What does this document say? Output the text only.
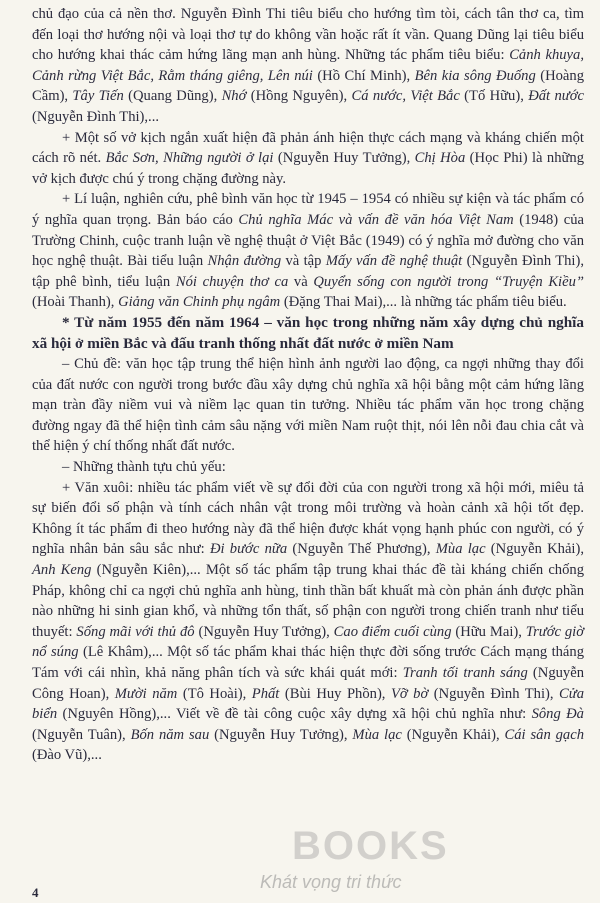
chủ đạo của cả nền thơ. Nguyễn Đình Thi tiêu biểu cho hướng tìm tòi, cách tân thơ ca, tìm đến loại thơ hướng nội và loại thơ tự do không vần hoặc rất ít vần. Quang Dũng lại tiêu biểu cho hướng khai thác cảm hứng lãng mạn anh hùng. Những tác phẩm tiêu biểu: Cảnh khuya, Cảnh rừng Việt Bắc, Rằm tháng giêng, Lên núi (Hồ Chí Minh), Bên kia sông Đuống (Hoàng Cầm), Tây Tiến (Quang Dũng), Nhớ (Hồng Nguyên), Cá nước, Việt Bắc (Tố Hữu), Đất nước (Nguyễn Đình Thi),...

+ Một số vở kịch ngắn xuất hiện đã phản ánh hiện thực cách mạng và kháng chiến một cách rõ nét. Bắc Sơn, Những người ở lại (Nguyễn Huy Tưởng), Chị Hòa (Học Phi) là những vở kịch được chú ý trong chặng đường này.

+ Lí luận, nghiên cứu, phê bình văn học từ 1945 – 1954 có nhiều sự kiện và tác phẩm có ý nghĩa quan trọng. Bản báo cáo Chủ nghĩa Mác và vấn đề văn hóa Việt Nam (1948) của Trường Chinh, cuộc tranh luận về nghệ thuật ở Việt Bắc (1949) có ý nghĩa mở đường cho văn học nghệ thuật. Bài tiểu luận Nhận đường và tập Mấy vấn đề nghệ thuật (Nguyễn Đình Thi), tập phê bình, tiểu luận Nói chuyện thơ ca và Quyển sống con người trong “Truyện Kiều” (Hoài Thanh), Giảng văn Chinh phụ ngâm (Đặng Thai Mai),... là những tác phẩm tiêu biểu.

* Từ năm 1955 đến năm 1964 – văn học trong những năm xây dựng chủ nghĩa xã hội ở miền Bắc và đấu tranh thống nhất đất nước ở miền Nam

– Chủ đề: văn học tập trung thể hiện hình ảnh người lao động, ca ngợi những thay đổi của đất nước con người trong bước đầu xây dựng chủ nghĩa xã hội bằng một cảm hứng lãng mạn tràn đầy niềm vui và niềm lạc quan tin tưởng. Nhiều tác phẩm văn học trong chặng đường ngay đã thể hiện tình cảm sâu nặng với miền Nam ruột thịt, nói lên nỗi đau chia cắt và thể hiện ý chí thống nhất đất nước.

– Những thành tựu chủ yếu:

+ Văn xuôi: nhiều tác phẩm viết về sự đổi đời của con người trong xã hội mới, miêu tả sự biến đổi số phận và tính cách nhân vật trong môi trường và hoàn cảnh xã hội tốt đẹp. Không ít tác phẩm đi theo hướng này đã thể hiện được khát vọng hạnh phúc con người, có ý nghĩa nhân bản sâu sắc như: Đi bước nữa (Nguyễn Thế Phương), Mùa lạc (Nguyễn Khải), Anh Keng (Nguyễn Kiên),... Một số tác phẩm tập trung khai thác đề tài kháng chiến chống Pháp, không chỉ ca ngợi chủ nghĩa anh hùng, tinh thần bất khuất mà còn phản ánh được phần nào những hi sinh gian khổ, và những tổn thất, số phận con người trong chiến tranh như tiểu thuyết: Sống mãi với thủ đô (Nguyễn Huy Tưởng), Cao điểm cuối cùng (Hữu Mai), Trước giờ nổ súng (Lê Khâm),... Một số tác phẩm khai thác hiện thực đời sống trước Cách mạng tháng Tám với cái nhìn, khả năng phân tích và sức khái quát mới: Tranh tối tranh sáng (Nguyễn Công Hoan), Mười năm (Tô Hoài), Phất (Bùi Huy Phồn), Vỡ bờ (Nguyễn Đình Thi), Cửa biển (Nguyên Hồng),... Viết về đề tài công cuộc xây dựng xã hội chủ nghĩa như: Sông Đà (Nguyễn Tuân), Bốn năm sau (Nguyễn Huy Tưởng), Mùa lạc (Nguyễn Khải), Cái sân gạch (Đào Vũ),...

BOOKS
Khát vọng tri thức
4
